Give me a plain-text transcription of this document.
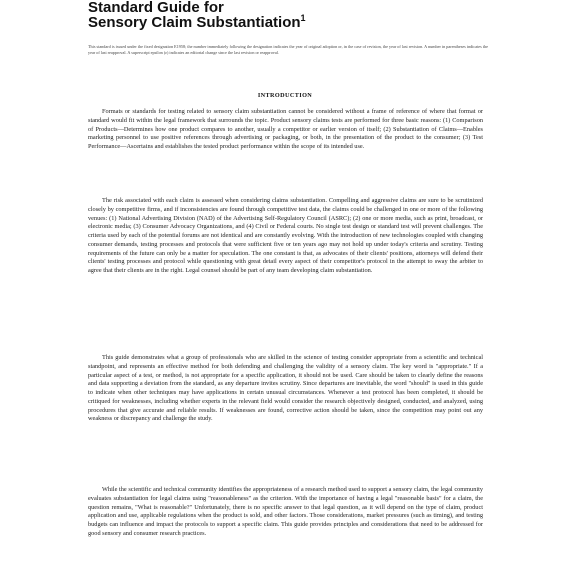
Standard Guide for
Sensory Claim Substantiation$^1$
This standard is issued under the fixed designation E1958; the number immediately following the designation indicates the year of original adoption or, in the case of revision, the year of last revision. A number in parentheses indicates the year of last reapproval. A superscript epsilon (ε) indicates an editorial change since the last revision or reapproval.
INTRODUCTION
Formats or standards for testing related to sensory claim substantiation cannot be considered without a frame of reference of where that format or standard would fit within the legal framework that surrounds the topic. Product sensory claims tests are performed for three basic reasons: (1) Comparison of Products—Determines how one product compares to another, usually a competitor or earlier version of itself; (2) Substantiation of Claims—Enables marketing personnel to use positive references through advertising or packaging, or both, in the presentation of the product to the consumer; (3) Test Performance—Ascertains and establishes the tested product performance within the scope of its intended use.
The risk associated with each claim is assessed when considering claims substantiation. Compelling and aggressive claims are sure to be scrutinized closely by competitive firms, and if inconsistencies are found through competitive test data, the claims could be challenged in one or more of the following venues: (1) National Advertising Division (NAD) of the Advertising Self-Regulatory Council (ASRC); (2) one or more media, such as print, broadcast, or electronic media; (3) Consumer Advocacy Organizations, and (4) Civil or Federal courts. No single test design or standard test will prevent challenges. The criteria used by each of the potential forums are not identical and are constantly evolving. With the introduction of new technologies coupled with changing consumer demands, testing processes and protocols that were sufficient five or ten years ago may not hold up under today's criteria and scrutiny. Testing requirements of the future can only be a matter for speculation. The one constant is that, as advocates of their clients' positions, attorneys will defend their clients' testing processes and protocol while questioning with great detail every aspect of their competitor's protocol in the attempt to sway the arbiter to agree that their clients are in the right. Legal counsel should be part of any team developing claim substantiation.
This guide demonstrates what a group of professionals who are skilled in the science of testing consider appropriate from a scientific and technical standpoint, and represents an effective method for both defending and challenging the validity of a sensory claim. The key word is "appropriate." If a particular aspect of a test, or method, is not appropriate for a specific application, it should not be used. Care should be taken to clearly define the reasons and data supporting a deviation from the standard, as any departure invites scrutiny. Since departures are inevitable, the word "should" is used in this guide to indicate when other techniques may have applications in certain unusual circumstances. Whenever a test protocol has been completed, it should be critiqued for weaknesses, including whether experts in the relevant field would consider the research objectively designed, conducted, and analyzed, using procedures that give accurate and reliable results. If weaknesses are found, corrective action should be taken, since the competition may point out any weakness or discrepancy and challenge the study.
While the scientific and technical community identifies the appropriateness of a research method used to support a sensory claim, the legal community evaluates substantiation for legal claims using "reasonableness" as the criterion. With the importance of having a legal "reasonable basis" for a claim, the question remains, "What is reasonable?" Unfortunately, there is no specific answer to that legal question, as it will depend on the type of claim, product application and use, applicable regulations when the product is sold, and other factors. Those considerations, market pressures (such as timing), and testing budgets can influence and impact the protocols to support a specific claim. This guide provides principles and considerations that need to be addressed for good sensory and consumer research practices.
